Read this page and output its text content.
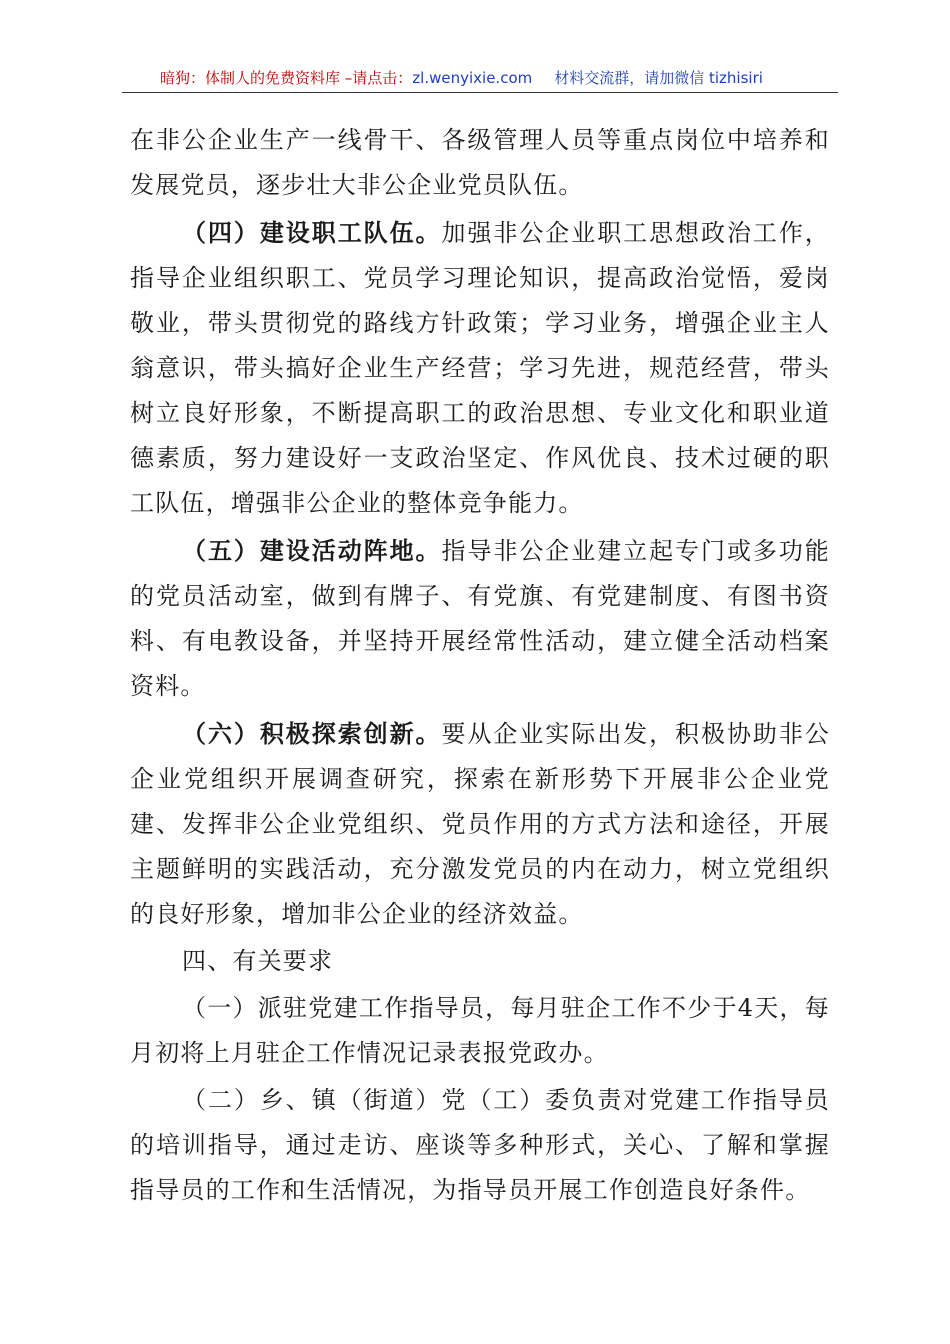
暗狗：体制人的免费资料库 –请点击：zl.wenyixie.com 材料交流群，请加微信 tizhisiri

在非公企业生产一线骨干、各级管理人员等重点岗位中培养和发展党员，逐步壮大非公企业党员队伍。

（四）建设职工队伍。加强非公企业职工思想政治工作，指导企业组织职工、党员学习理论知识，提高政治觉悟，爱岗敬业，带头贯彻党的路线方针政策；学习业务，增强企业主人翁意识，带头搞好企业生产经营；学习先进，规范经营，带头树立良好形象，不断提高职工的政治思想、专业文化和职业道德素质，努力建设好一支政治坚定、作风优良、技术过硬的职工队伍，增强非公企业的整体竞争能力。

（五）建设活动阵地。指导非公企业建立起专门或多功能的党员活动室，做到有牌子、有党旗、有党建制度、有图书资料、有电教设备，并坚持开展经常性活动，建立健全活动档案资料。

（六）积极探索创新。要从企业实际出发，积极协助非公企业党组织开展调查研究，探索在新形势下开展非公企业党建、发挥非公企业党组织、党员作用的方式方法和途径，开展主题鲜明的实践活动，充分激发党员的内在动力，树立党组织的良好形象，增加非公企业的经济效益。

四、有关要求

（一）派驻党建工作指导员，每月驻企工作不少于4天，每月初将上月驻企工作情况记录表报党政办。

（二）乡、镇（街道）党（工）委负责对党建工作指导员的培训指导，通过走访、座谈等多种形式，关心、了解和掌握指导员的工作和生活情况，为指导员开展工作创造良好条件。
